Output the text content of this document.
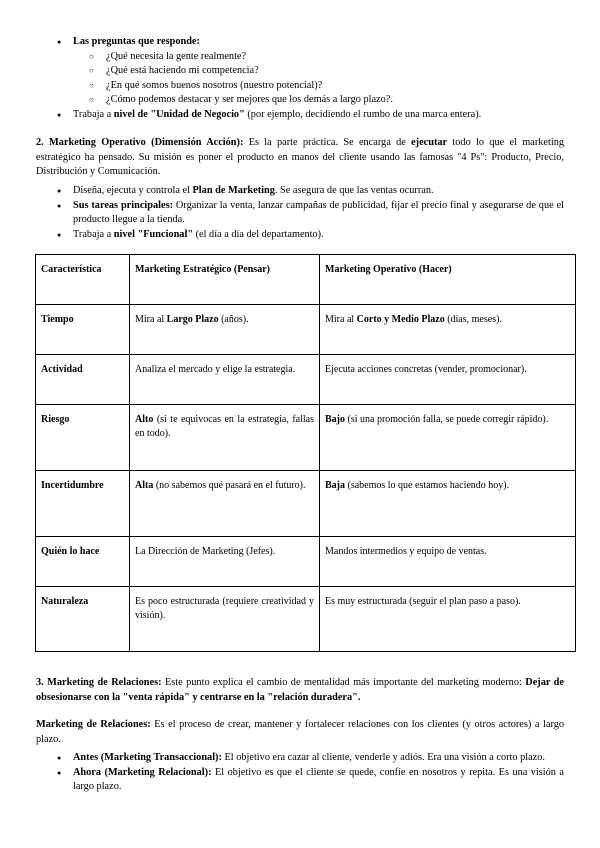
● Las preguntas que responde:
○ ¿Qué necesita la gente realmente?
○ ¿Qué está haciendo mi competencia?
○ ¿En qué somos buenos nosotros (nuestro potencial)?
○ ¿Cómo podemos destacar y ser mejores que los demás a largo plazo?.
● Trabaja a nivel de "Unidad de Negocio" (por ejemplo, decidiendo el rumbo de una marca entera).
2. Marketing Operativo (Dimensión Acción): Es la parte práctica. Se encarga de ejecutar todo lo que el marketing estratégico ha pensado. Su misión es poner el producto en manos del cliente usando las famosas "4 Ps": Producto, Precio, Distribución y Comunicación.
● Diseña, ejecuta y controla el Plan de Marketing. Se asegura de que las ventas ocurran.
● Sus tareas principales: Organizar la venta, lanzar campañas de publicidad, fijar el precio final y asegurarse de que el producto llegue a la tienda.
● Trabaja a nivel "Funcional" (el día a día del departamento).
Característica	Marketing Estratégico (Pensar)	Marketing Operativo (Hacer)
Tiempo	Mira al Largo Plazo (años).	Mira al Corto y Medio Plazo (días, meses).
Actividad	Analiza el mercado y elige la estrategia.	Ejecuta acciones concretas (vender, promocionar).
Riesgo	Alto (si te equivocas en la estrategia, fallas en todo).	Bajo (si una promoción falla, se puede corregir rápido).
Incertidumbre	Alta (no sabemos qué pasará en el futuro).	Baja (sabemos lo que estamos haciendo hoy).
Quién lo hace	La Dirección de Marketing (Jefes).	Mandos intermedios y equipo de ventas.
Naturaleza	Es poco estructurada (requiere creatividad y visión).	Es muy estructurada (seguir el plan paso a paso).
3. Marketing de Relaciones: Este punto explica el cambio de mentalidad más importante del marketing moderno: Dejar de obsesionarse con la "venta rápida" y centrarse en la "relación duradera".
Marketing de Relaciones: Es el proceso de crear, mantener y fortalecer relaciones con los clientes (y otros actores) a largo plazo.
● Antes (Marketing Transaccional): El objetivo era cazar al cliente, venderle y adiós. Era una visión a corto plazo.
● Ahora (Marketing Relacional): El objetivo es que el cliente se quede, confíe en nosotros y repita. Es una visión a largo plazo.
